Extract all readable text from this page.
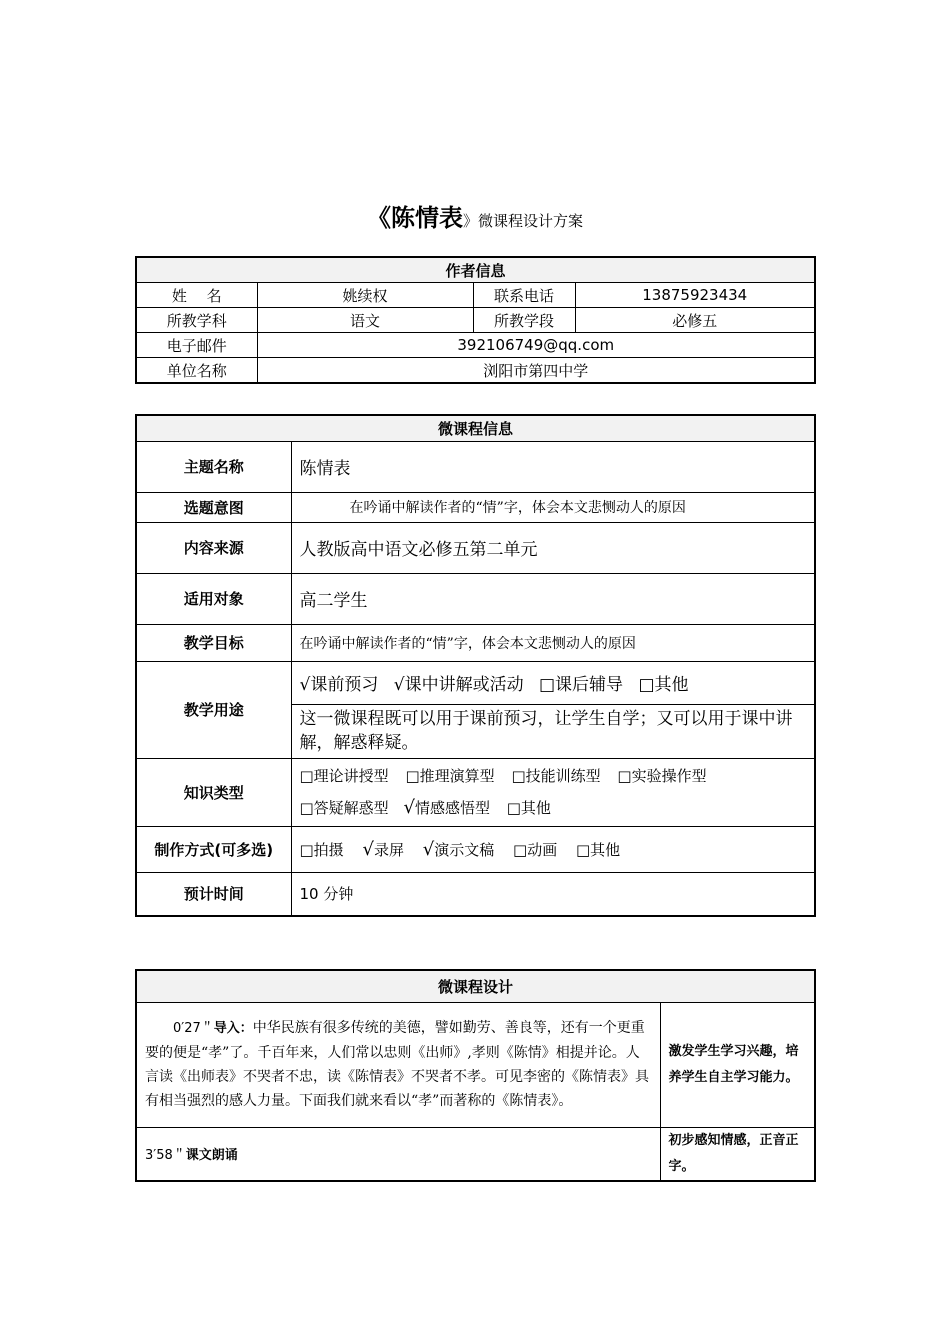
《陈情表》微课程设计方案
作者信息			
姓　 名	姚续权	联系电话	13875923434
所教学科	语文	所教学段	必修五
电子邮件	392106749@qq.com		
单位名称	浏阳市第四中学		
微课程信息	
主题名称	陈情表
选题意图	在吟诵中解读作者的“情”字，体会本文悲恻动人的原因
内容来源	人教版高中语文必修五第二单元
适用对象	高二学生
教学目标	在吟诵中解读作者的“情”字，体会本文悲恻动人的原因
教学用途	√课前预习 √课中讲解或活动 □课后辅导 □其他
	这一微课程既可以用于课前预习，让学生自学；又可以用于课中讲解，解惑释疑。
知识类型	□理论讲授型 □推理演算型 □技能训练型 □实验操作型
□答疑解惑型 √情感感悟型 □其他

制作方式(可多选)	□拍摄 √录屏 √演示文稿 □动画 □其他
预计时间	10 分钟
微课程设计	
0′27＂导入：中华民族有很多传统的美德，譬如勤劳、善良等，还有一个更重要的便是“孝”了。千百年来，人们常以忠则《出师》,孝则《陈情》相提并论。人言读《出师表》不哭者不忠，读《陈情表》不哭者不孝。可见李密的《陈情表》具有相当强烈的感人力量。下面我们就来看以“孝”而著称的《陈情表》。	激发学生学习兴趣，培养学生自主学习能力。
3′58＂课文朗诵	初步感知情感，正音正字。
